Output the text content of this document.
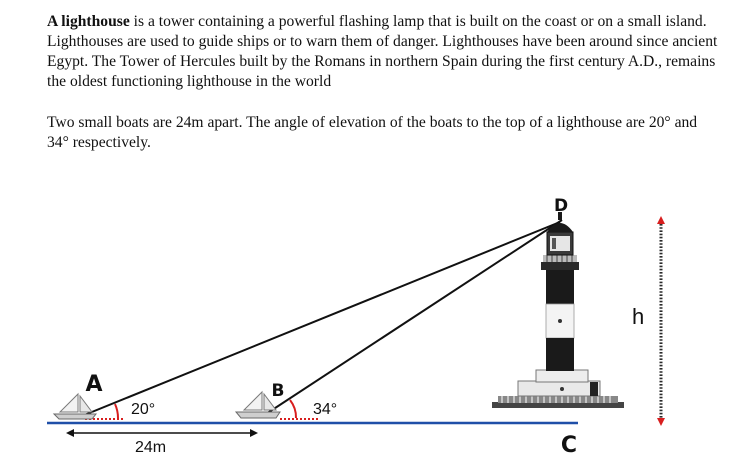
A lighthouse is a tower containing a powerful flashing lamp that is built on the coast or on a small island. Lighthouses are used to guide ships or to warn them of danger. Lighthouses have been around since ancient Egypt. The Tower of Hercules built by the Romans in northern Spain during the first century A.D., remains the oldest functioning lighthouse in the world

Two small boats are 24m apart. The angle of elevation of the boats to the top of a lighthouse are 20° and 34° respectively.

A	B
D
C
20°	34°
24m
h
